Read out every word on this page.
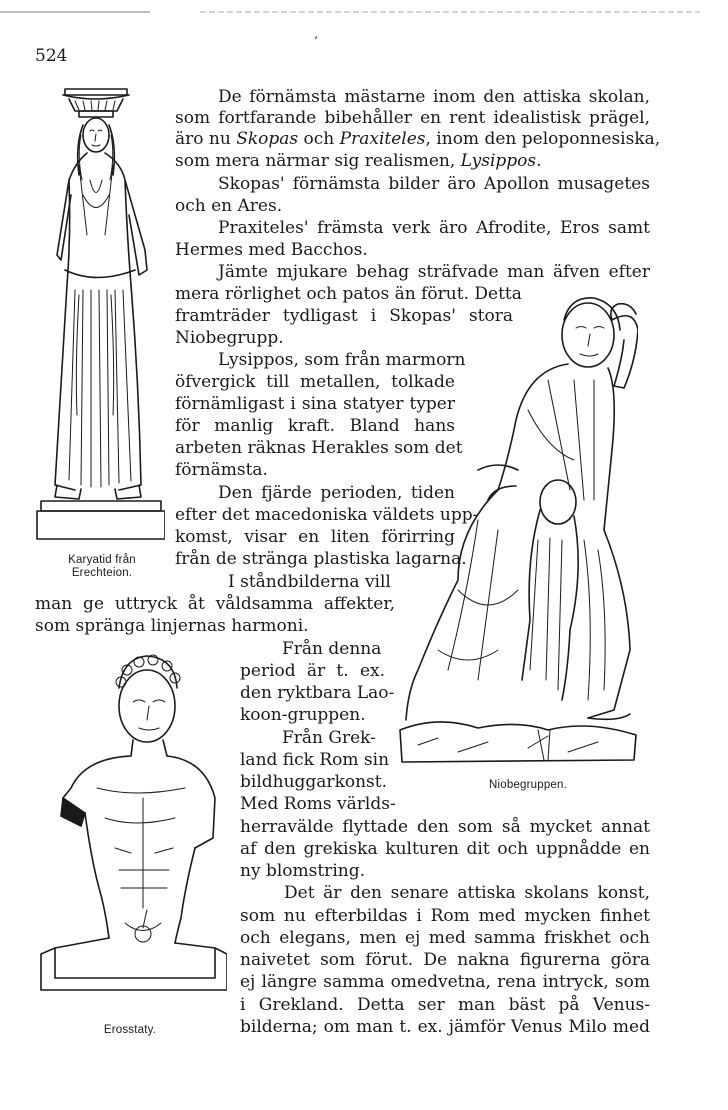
‘
524
Karyatid från
Erechteion.
Niobegruppen.
Erosstaty.
De förnämsta mästarne inom den attiska skolan,
som fortfarande bibehåller en rent idealistisk prägel,
äro nu Skopas och Praxiteles , inom den peloponnesiska,
som mera närmar sig realismen, Lysippos.
Skopas' förnämsta bilder äro Apollon musagetes
och en Ares.
Praxiteles' främsta verk äro Afrodite, Eros samt
Hermes med Bacchos.
Jämte mjukare behag sträfvade man äfven efter
mera rörlighet och patos än förut. Detta
framträder tydligast i Skopas' stora
Niobegrupp.
Lysippos, som från marmorn
öfvergick till metallen, tolkade
förnämligast i sina statyer typer
för manlig kraft. Bland hans
arbeten räknas Herakles som det
förnämsta.
Den fjärde perioden, tiden
efter det macedoniska väldets upp-
komst, visar en liten förirring
från de stränga plastiska lagarna.
I ståndbilderna vill
man ge uttryck åt våldsamma affekter,
som spränga linjernas harmoni.
Från denna
period är t. ex.
den ryktbara Lao-
koon-gruppen.
Från Grek-
land fick Rom sin
bildhuggarkonst.
Med Roms världs-
herravälde flyttade den som så mycket annat
af den grekiska kulturen dit och uppnådde en
ny blomstring.
Det är den senare attiska skolans konst,
som nu efterbildas i Rom med mycken finhet
och elegans, men ej med samma friskhet och
naivetet som förut. De nakna figurerna göra
ej längre samma omedvetna, rena intryck, som
i Grekland. Detta ser man bäst på Venus-
bilderna; om man t. ex. jämför Venus Milo med
